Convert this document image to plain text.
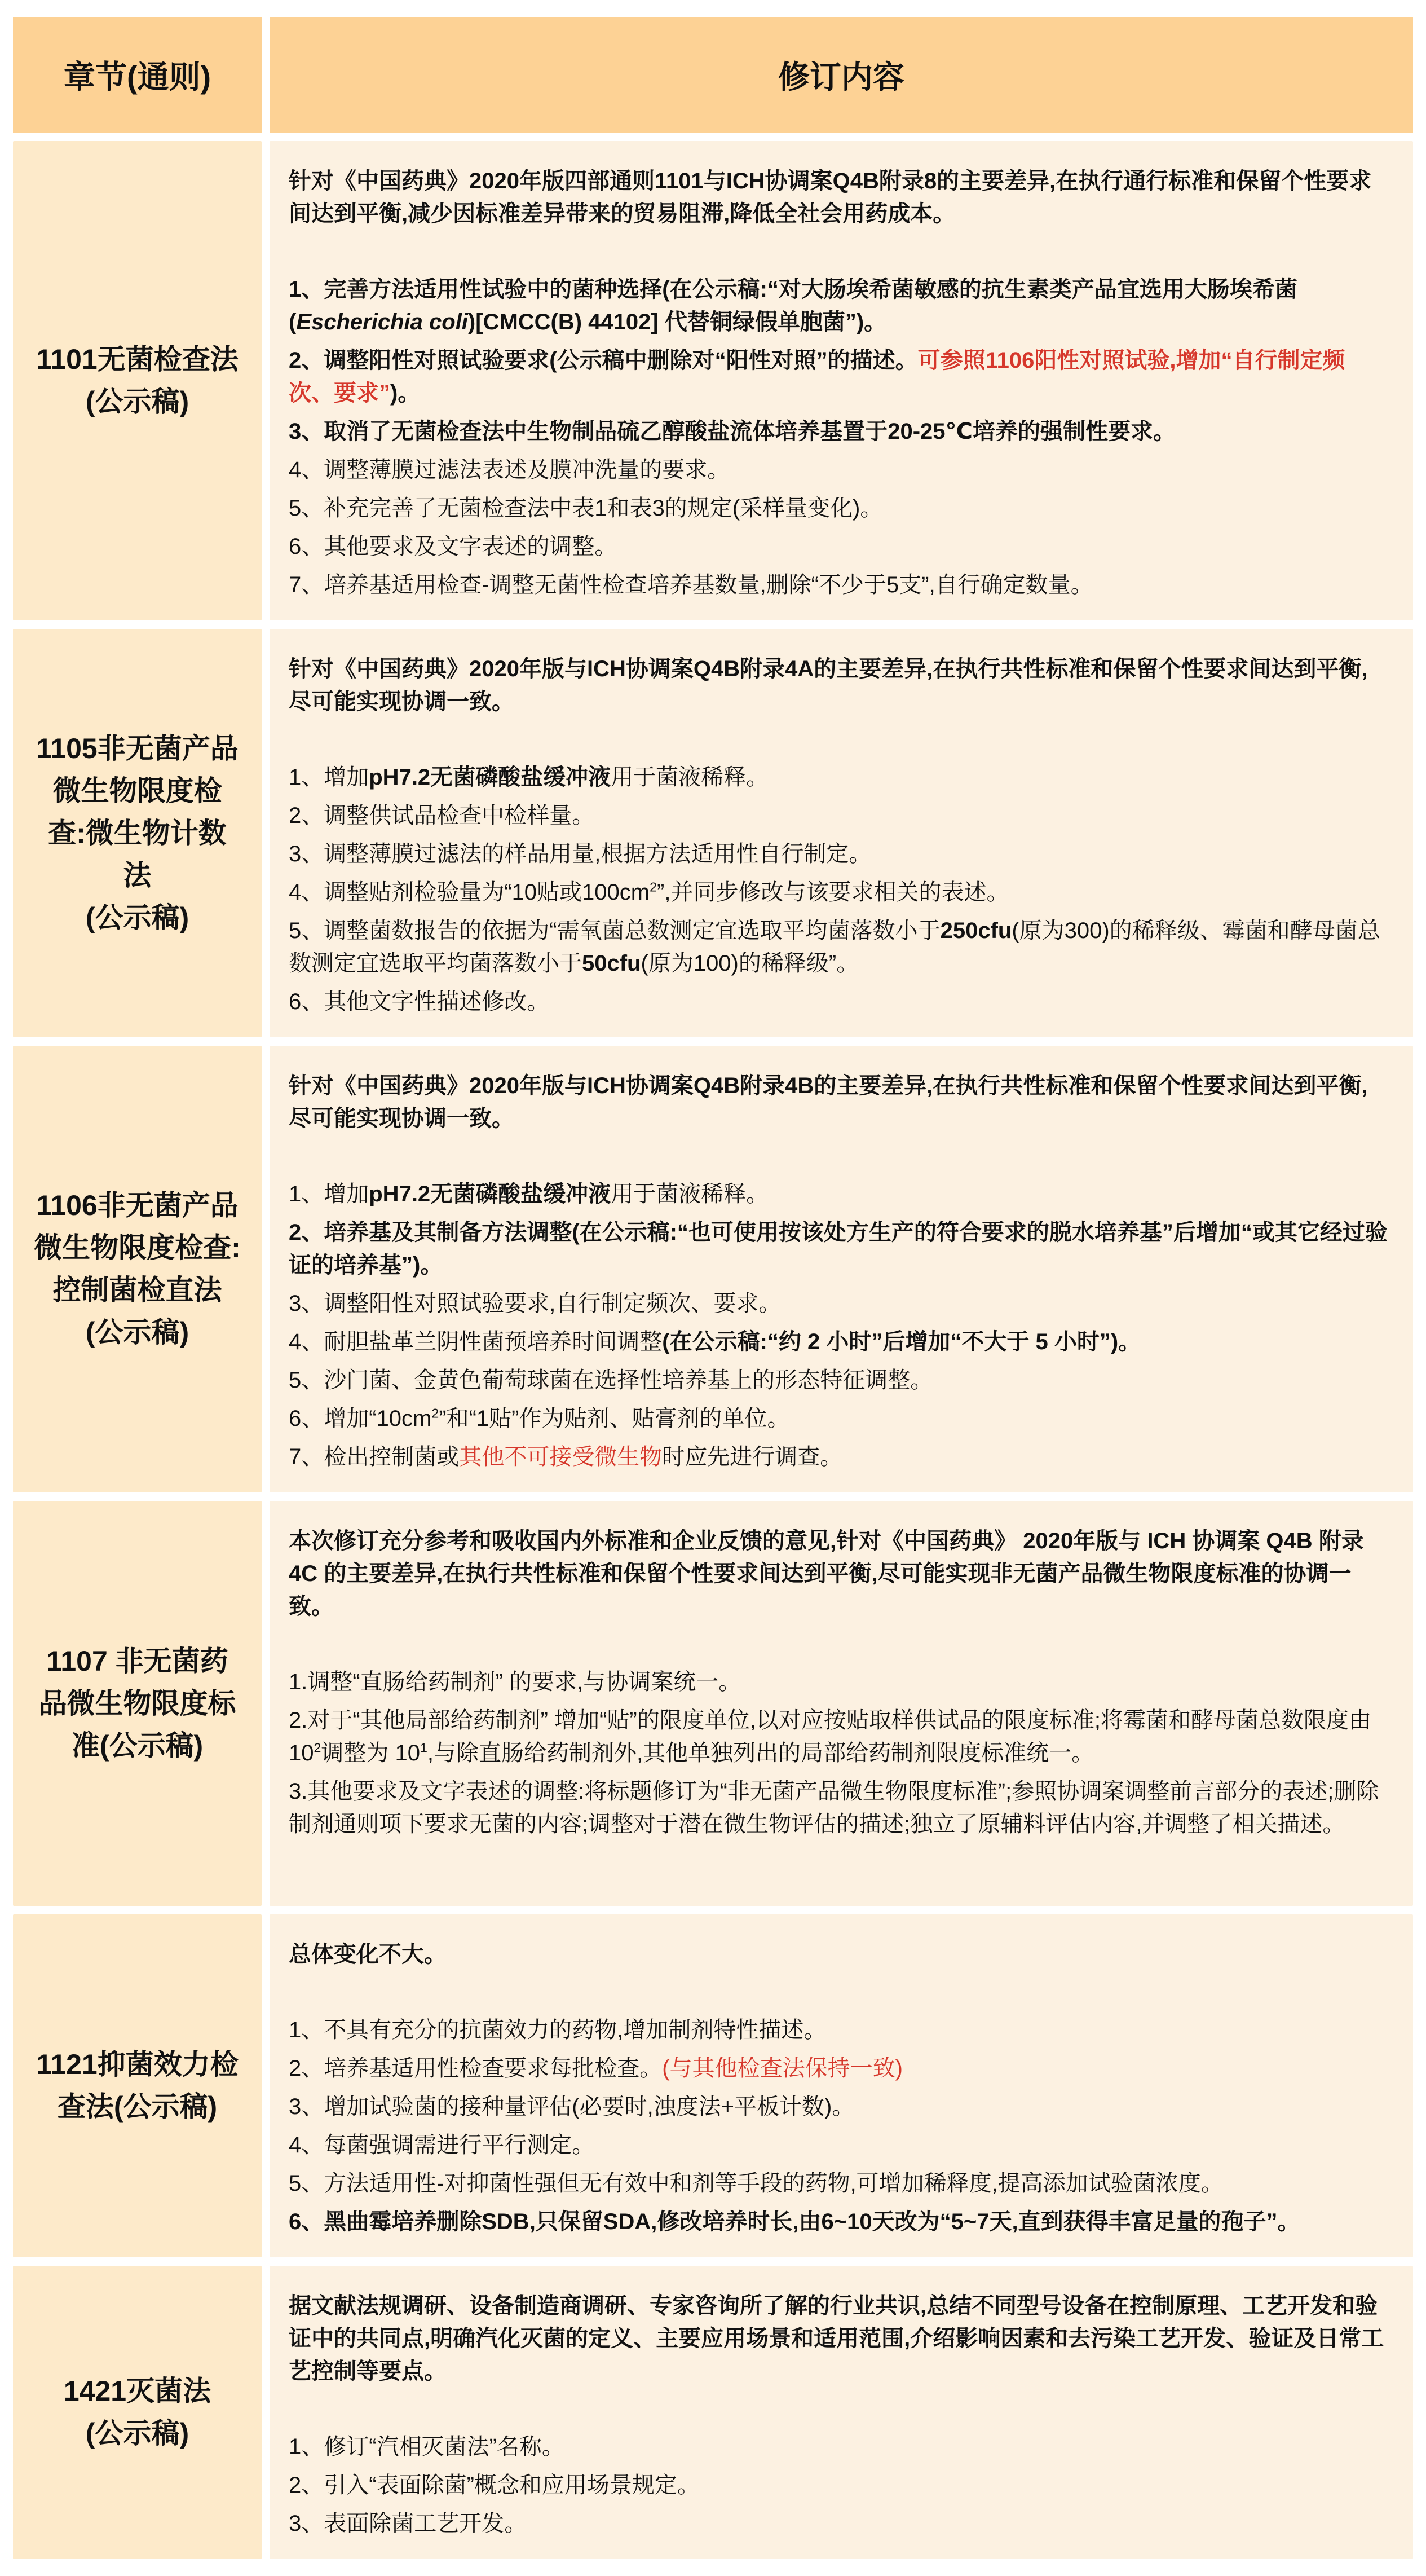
章节(通则)	修订内容
1101无菌检查法
(公示稿)
针对《中国药典》2020年版四部通则1101与ICH协调案Q4B附录8的主要差异,在执行通行标准和保留个性要求间达到平衡,减少因标准差异带来的贸易阻滞,降低全社会用药成本。
1、完善方法适用性试验中的菌种选择(在公示稿:“对大肠埃希菌敏感的抗生素类产品宜选用大肠埃希菌(Escherichia coli)[CMCC(B) 44102] 代替铜绿假单胞菌”)。
2、调整阳性对照试验要求(公示稿中删除对“阳性对照”的描述。可参照1106阳性对照试验,增加“自行制定频次、要求”)。
3、取消了无菌检查法中生物制品硫乙醇酸盐流体培养基置于20-25℃培养的强制性要求。
4、调整薄膜过滤法表述及膜冲洗量的要求。
5、补充完善了无菌检查法中表1和表3的规定(采样量变化)。
6、其他要求及文字表述的调整。
7、培养基适用检查-调整无菌性检查培养基数量,删除“不少于5支”,自行确定数量。
1105非无菌产品
微生物限度检
查:微生物计数
法
(公示稿)
针对《中国药典》2020年版与ICH协调案Q4B附录4A的主要差异,在执行共性标准和保留个性要求间达到平衡,尽可能实现协调一致。
1、增加pH7.2无菌磷酸盐缓冲液用于菌液稀释。
2、调整供试品检查中检样量。
3、调整薄膜过滤法的样品用量,根据方法适用性自行制定。
4、调整贴剂检验量为“10贴或$100cm^2$”,并同步修改与该要求相关的表述。
5、调整菌数报告的依据为“需氧菌总数测定宜选取平均菌落数小于250cfu(原为300)的稀释级、霉菌和酵母菌总数测定宜选取平均菌落数小于50cfu(原为100)的稀释级”。
6、其他文字性描述修改。
1106非无菌产品
微生物限度检查:
控制菌检直法
(公示稿)
针对《中国药典》2020年版与ICH协调案Q4B附录4B的主要差异,在执行共性标准和保留个性要求间达到平衡,尽可能实现协调一致。
1、增加pH7.2无菌磷酸盐缓冲液用于菌液稀释。
2、培养基及其制备方法调整(在公示稿:“也可使用按该处方生产的符合要求的脱水培养基”后增加“或其它经过验证的培养基”)。
3、调整阳性对照试验要求,自行制定频次、要求。
4、耐胆盐革兰阴性菌预培养时间调整(在公示稿:“约 2 小时”后增加“不大于 5 小时”)。
5、沙门菌、金黄色葡萄球菌在选择性培养基上的形态特征调整。
6、增加“$10cm^2$”和“1贴”作为贴剂、贴膏剂的单位。
7、检出控制菌或其他不可接受微生物时应先进行调查。
1107 非无菌药
品微生物限度标
准(公示稿)
本次修订充分参考和吸收国内外标准和企业反馈的意见,针对《中国药典》 2020年版与 ICH 协调案 Q4B 附录 4C 的主要差异,在执行共性标准和保留个性要求间达到平衡,尽可能实现非无菌产品微生物限度标准的协调一致。
1.调整“直肠给药制剂” 的要求,与协调案统一。
2.对于“其他局部给药制剂” 增加“贴”的限度单位,以对应按贴取样供试品的限度标准;将霉菌和酵母菌总数限度由 $10^2$调整为 $10^1$,与除直肠给药制剂外,其他单独列出的局部给药制剂限度标准统一。
3.其他要求及文字表述的调整:将标题修订为“非无菌产品微生物限度标准”;参照协调案调整前言部分的表述;删除制剂通则项下要求无菌的内容;调整对于潜在微生物评估的描述;独立了原辅料评估内容,并调整了相关描述。
1121抑菌效力检
查法(公示稿)
总体变化不大。
1、不具有充分的抗菌效力的药物,增加制剂特性描述。
2、培养基适用性检查要求每批检查。(与其他检查法保持一致)
3、增加试验菌的接种量评估(必要时,浊度法+平板计数)。
4、每菌强调需进行平行测定。
5、方法适用性-对抑菌性强但无有效中和剂等手段的药物,可增加稀释度,提高添加试验菌浓度。
6、黑曲霉培养删除SDB,只保留SDA,修改培养时长,由6~10天改为“5~7天,直到获得丰富足量的孢子”。
1421灭菌法
(公示稿)
据文献法规调研、设备制造商调研、专家咨询所了解的行业共识,总结不同型号设备在控制原理、工艺开发和验证中的共同点,明确汽化灭菌的定义、主要应用场景和适用范围,介绍影响因素和去污染工艺开发、验证及日常工艺控制等要点。
1、修订“汽相灭菌法”名称。
2、引入“表面除菌”概念和应用场景规定。
3、表面除菌工艺开发。
